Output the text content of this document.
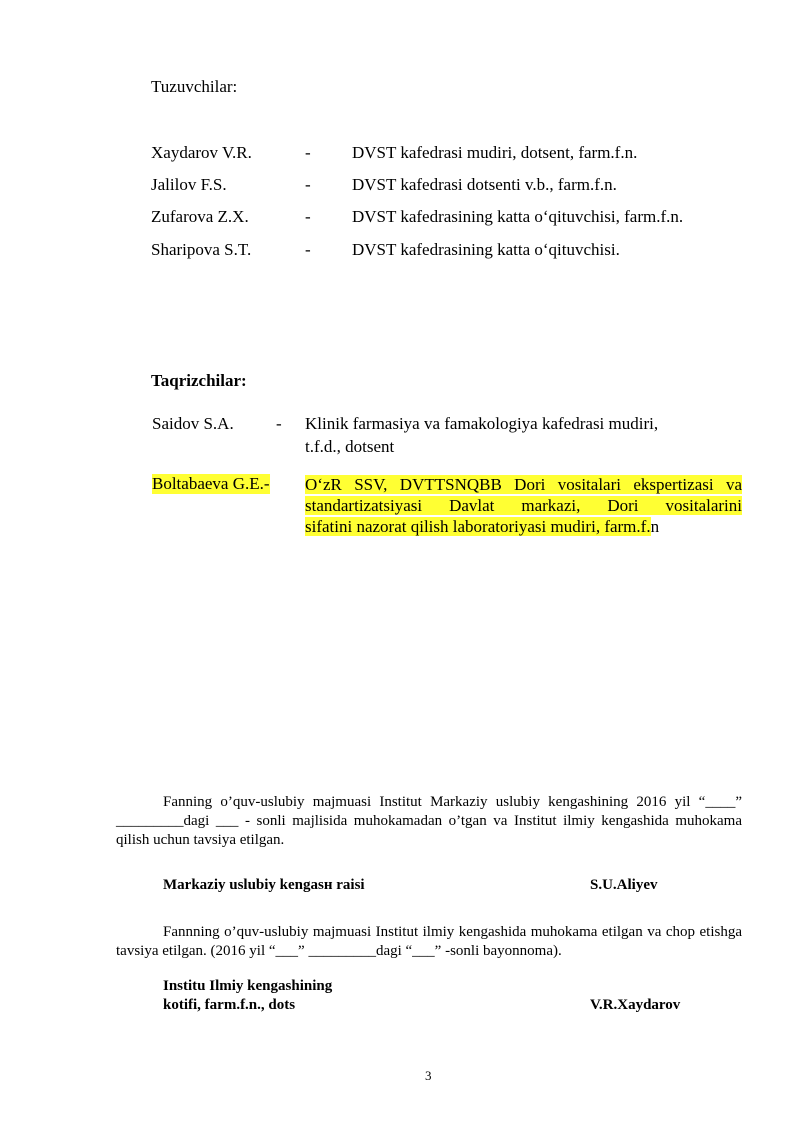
Tuzuvchilar:
Xaydarov V.R.	- DVST kafedrasi mudiri, dotsent, farm.f.n.
Jalilov F.S.	- DVST kafedrasi dotsenti v.b., farm.f.n.
Zufarova Z.X.	- DVST kafedrasining katta o‘qituvchisi, farm.f.n.
Sharipova S.T.	- DVST kafedrasining katta o‘qituvchisi.
Taqrizchilar:
Saidov S.A. - Klinik farmasiya va famakologiya kafedrasi mudiri,
t.f.d., dotsent
Boltabaeva G.E.- O‘zR SSV, DVTTSNQBB Dori vositalari ekspertizasi va
standartizatsiyasi Davlat markazi, Dori vositalarini
sifatini nazorat qilish laboratoriyasi mudiri, farm.f.n
Fanning o’quv-uslubiy majmuasi Institut Markaziy uslubiy kengashining 2016 yil “____” _________dagi ___ - sonli majlisida muhokamadan o’tgan va Institut ilmiy kengashida muhokama qilish uchun tavsiya etilgan.
Markaziy uslubiy kengasн raisi	S.U.Aliyev
Fannning o’quv-uslubiy majmuasi Institut ilmiy kengashida muhokama etilgan va chop etishga tavsiya etilgan. (2016 yil “___” _________dagi “___” -sonli bayonnoma).
Institu Ilmiy kengashining
kotifi, farm.f.n., dots	V.R.Xaydarov
3
